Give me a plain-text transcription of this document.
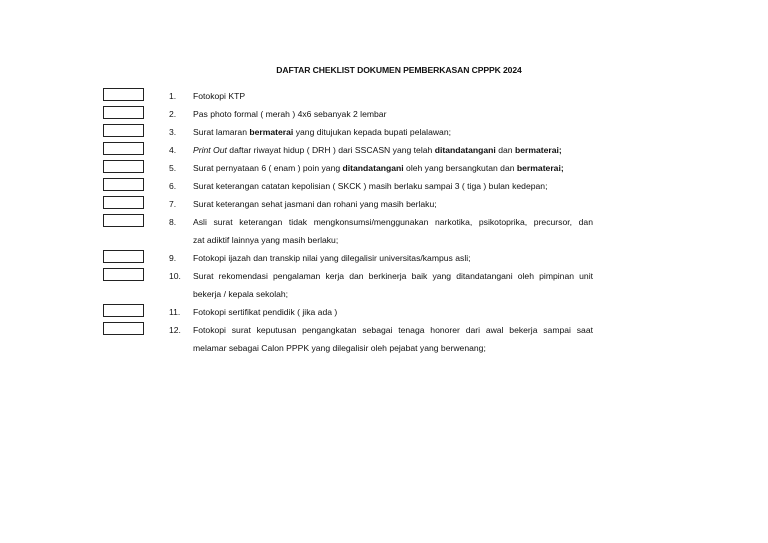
DAFTAR CHEKLIST DOKUMEN PEMBERKASAN CPPPK 2024
1. Fotokopi KTP
2. Pas photo formal ( merah ) 4x6 sebanyak 2 lembar
3. Surat lamaran bermaterai yang ditujukan kepada bupati pelalawan;
4. Print Out daftar riwayat hidup ( DRH ) dari SSCASN yang telah ditandatangani dan bermaterai;
5. Surat pernyataan 6 ( enam ) poin yang ditandatangani oleh yang bersangkutan dan bermaterai;
6. Surat keterangan catatan kepolisian ( SKCK ) masih berlaku sampai 3 ( tiga ) bulan kedepan;
7. Surat keterangan sehat jasmani dan rohani yang masih berlaku;
8. Asli surat keterangan tidak mengkonsumsi/menggunakan narkotika, psikotoprika, precursor, dan
zat adiktif lainnya yang masih berlaku;
9. Fotokopi ijazah dan transkip nilai yang dilegalisir universitas/kampus asli;
10. Surat rekomendasi pengalaman kerja dan berkinerja baik yang ditandatangani oleh pimpinan unit
bekerja / kepala sekolah;
11. Fotokopi sertifikat pendidik ( jika ada )
12. Fotokopi surat keputusan pengangkatan sebagai tenaga honorer dari awal bekerja sampai saat
melamar sebagai Calon PPPK yang dilegalisir oleh pejabat yang berwenang;
